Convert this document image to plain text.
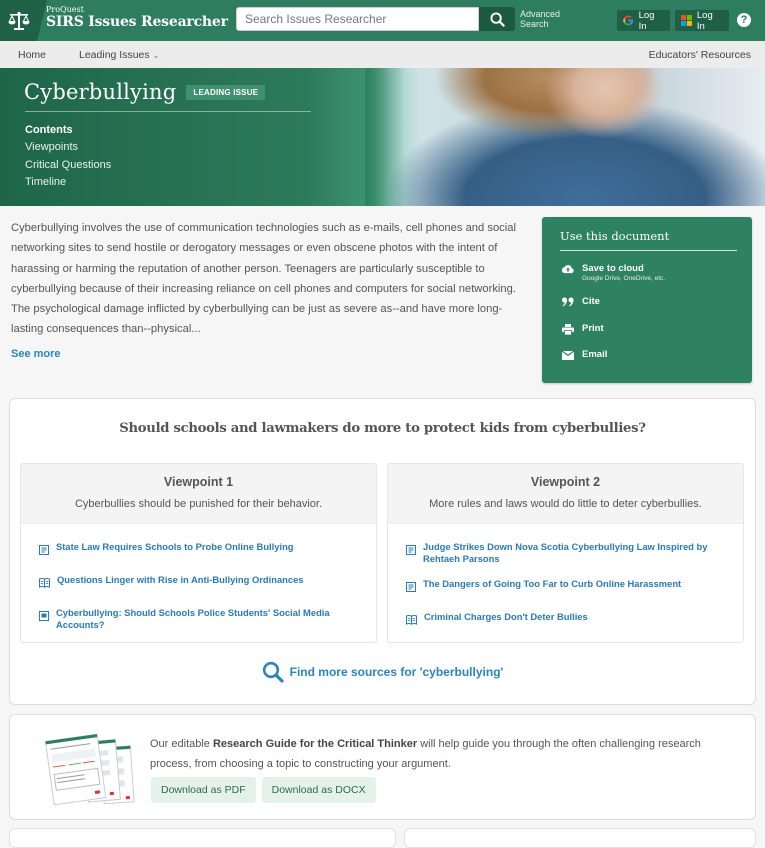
ProQuest
SIRS Issues Researcher
Search Issues Researcher	Advanced
Search
Log In
Log In	?
Home	Leading Issues ⌄	Educators' Resources
Cyberbullying	LEADING ISSUE
Contents
Viewpoints
Critical Questions
Timeline

Cyberbullying involves the use of communication technologies such as e-mails, cell phones and social networking sites to send hostile or derogatory messages or even obscene photos with the intent of harassing or harming the reputation of another person. Teenagers are particularly susceptible to cyberbullying because of their increasing reliance on cell phones and computers for social networking. The psychological damage inflicted by cyberbullying can be just as severe as--and have more long-lasting consequences than--physical...

See more
Use this document
Save to cloud
Google Drive, OneDrive, etc.
Cite
Print
Email
Should schools and lawmakers do more to protect kids from cyberbullies?
Viewpoint 1
Cyberbullies should be punished for their behavior.
State Law Requires Schools to Probe Online Bullying
Questions Linger with Rise in Anti-Bullying Ordinances
Cyberbullying: Should Schools Police Students' Social Media Accounts?
Viewpoint 2
More rules and laws would do little to deter cyberbullies.
Judge Strikes Down Nova Scotia Cyberbullying Law Inspired by Rehtaeh Parsons
The Dangers of Going Too Far to Curb Online Harassment
Criminal Charges Don't Deter Bullies
Find more sources for 'cyberbullying'

Our editable Research Guide for the Critical Thinker will help guide you through the often challenging research process, from choosing a topic to constructing your argument.

Download as PDF	Download as DOCX
